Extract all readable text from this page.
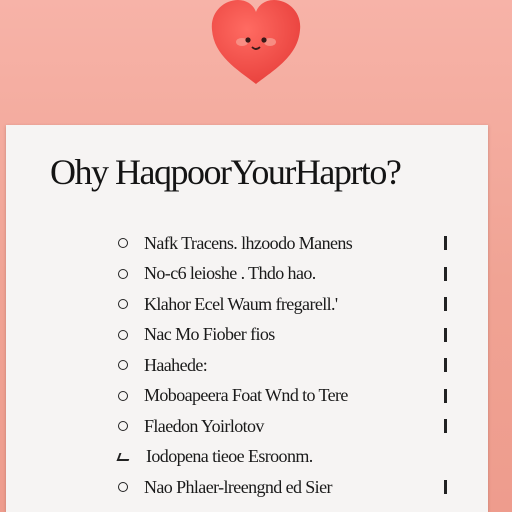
Ohy HaqpoorYourHaprto?
Nafk Tracens. lhzoodo Manens
No-c6 leioshe . Thdo hao.
Klahor Ecel Waum fregarell.'
Nac Mo Fiober fios
Haahede:
Moboapeera Foat Wnd to Tere
Flaedon Yoirlotov
Iodopena tieoe Esroonm.
Nao Phlaer-lreengnd ed Sier
